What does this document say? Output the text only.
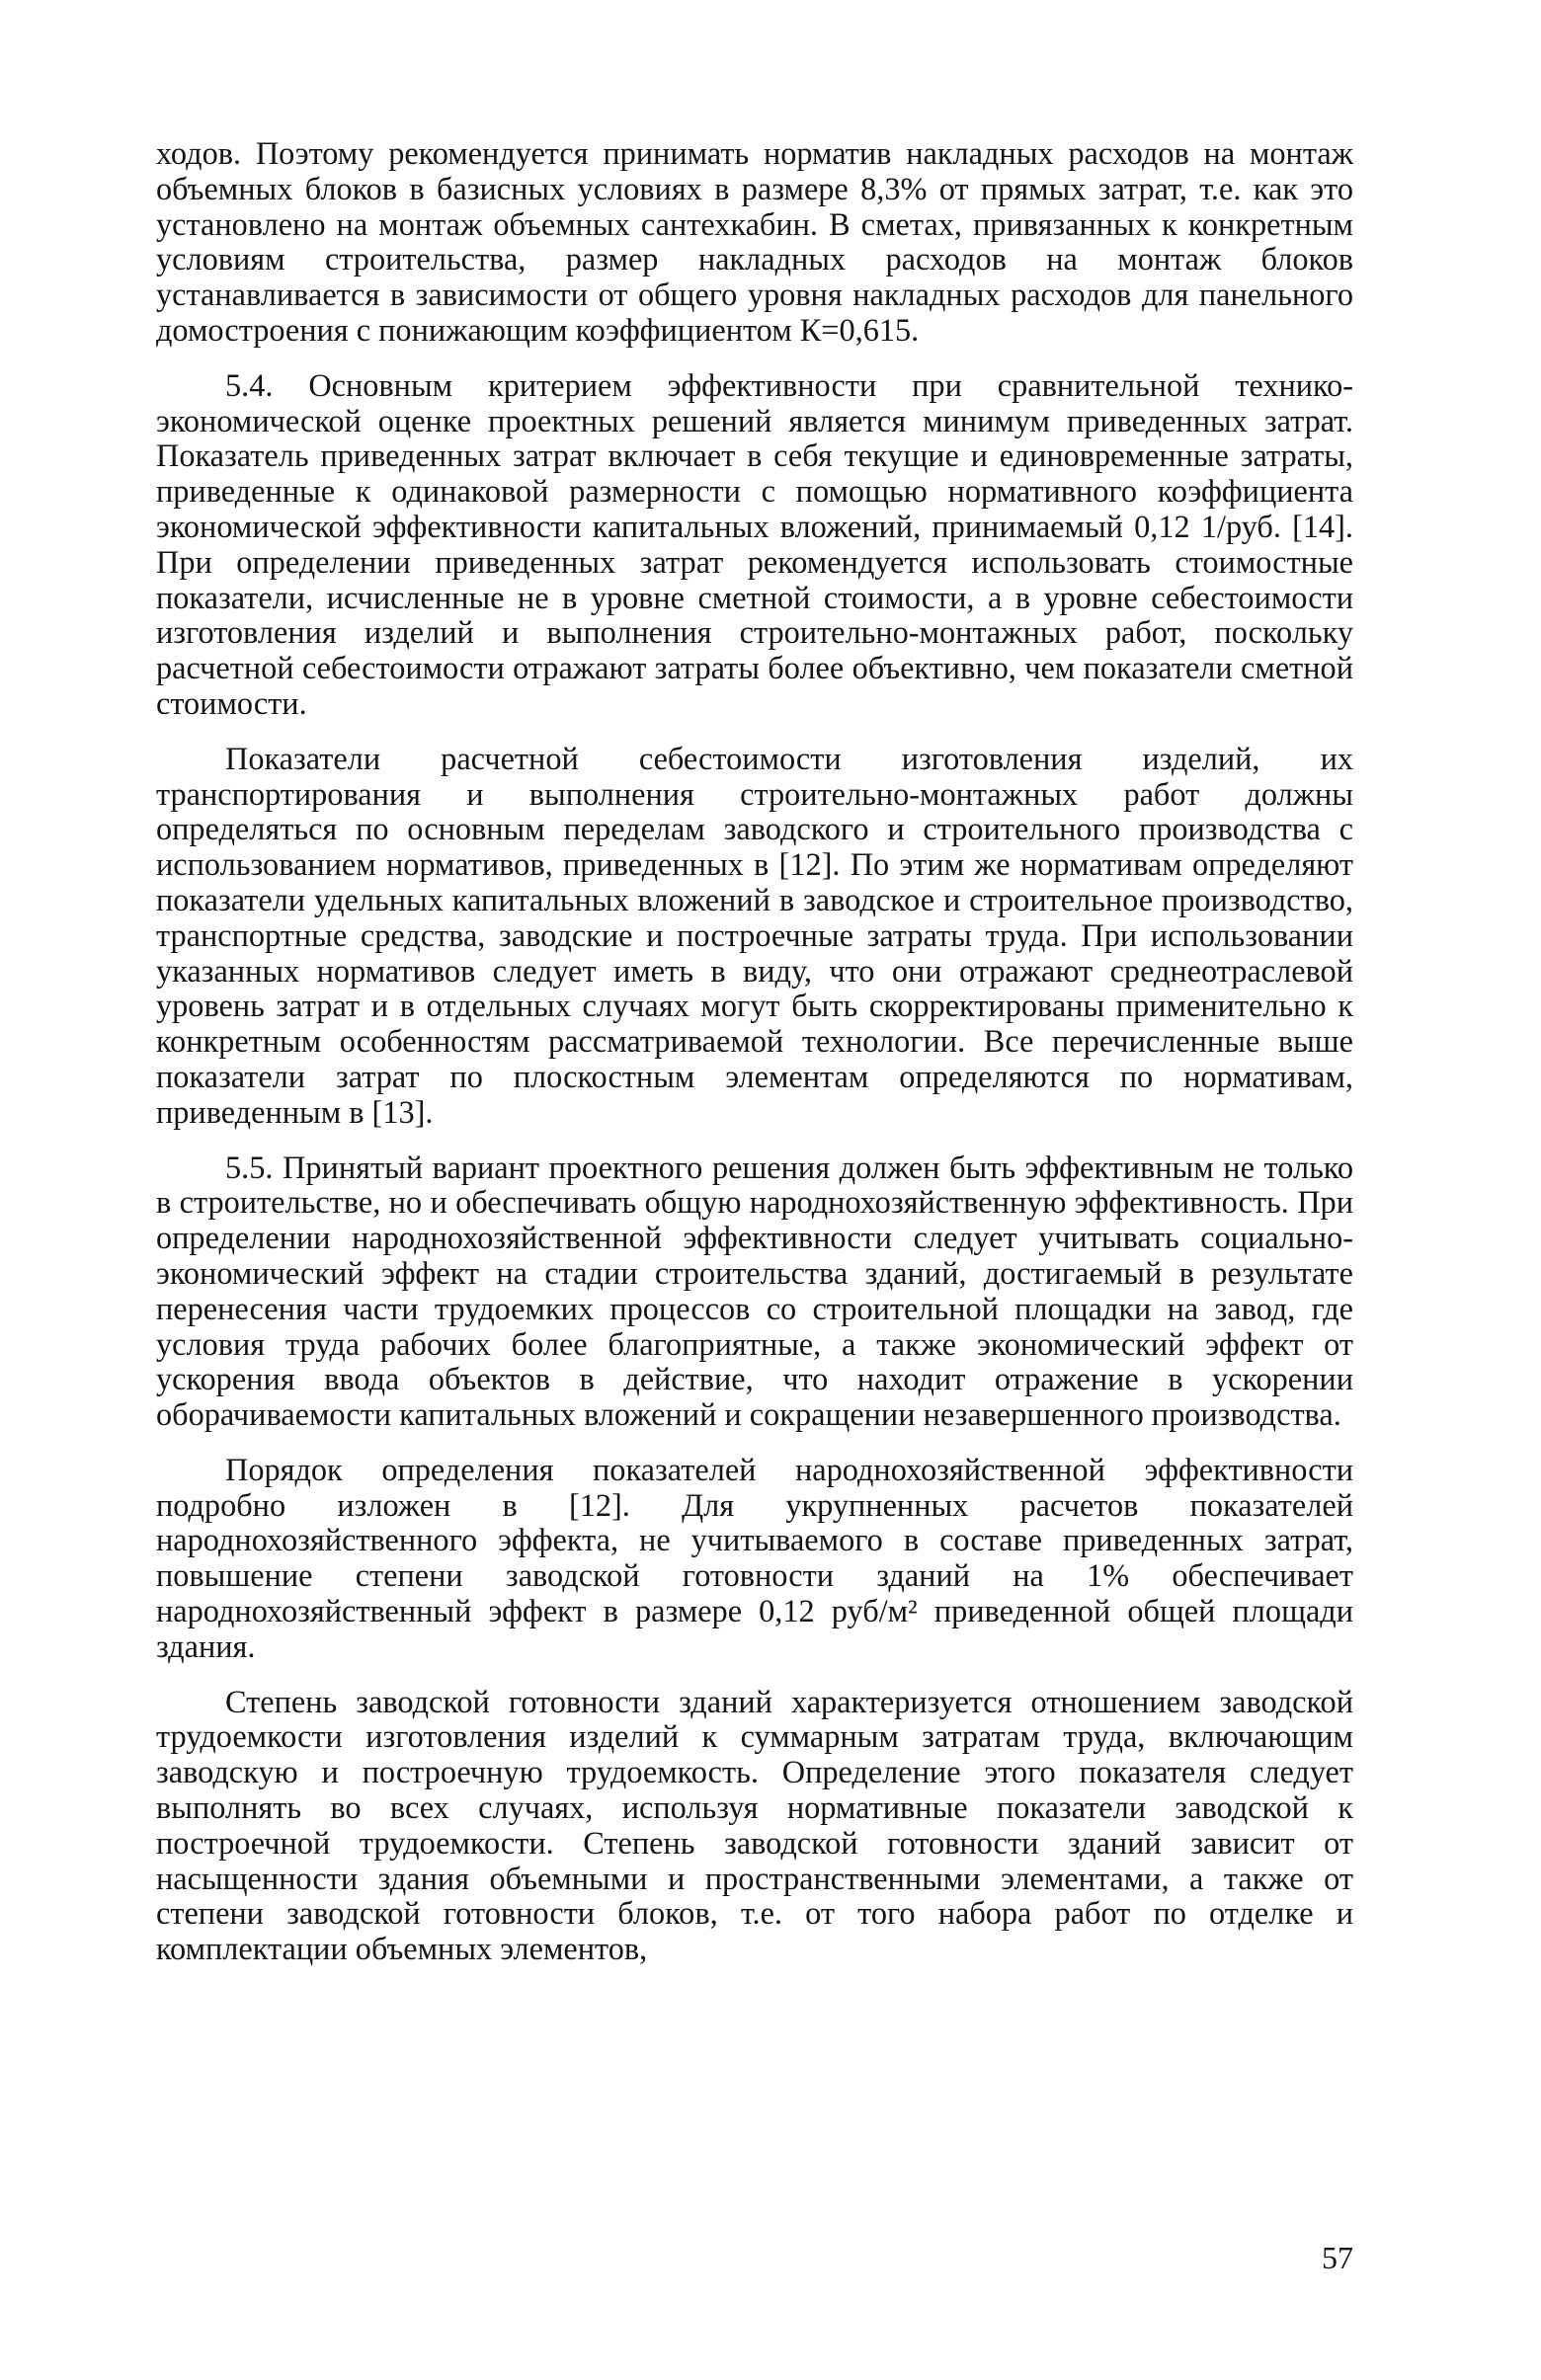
ходов. Поэтому рекомендуется принимать норматив накладных расходов на монтаж объемных блоков в базисных условиях в размере 8,3% от прямых затрат, т.е. как это установлено на монтаж объемных сантехкабин. В сметах, привязанных к конкретным условиям строительства, размер накладных расходов на монтаж блоков устанавливается в зависимости от общего уровня накладных расходов для панельного домостроения с понижающим коэффициентом К=0,615.

5.4. Основным критерием эффективности при сравнительной технико-экономической оценке проектных решений является минимум приведенных затрат. Показатель приведенных затрат включает в себя текущие и единовременные затраты, приведенные к одинаковой размерности с помощью нормативного коэффициента экономической эффективности капитальных вложений, принимаемый 0,12 1/руб. [14]. При определении приведенных затрат рекомендуется использовать стоимостные показатели, исчисленные не в уровне сметной стоимости, а в уровне себестоимости изготовления изделий и выполнения строительно-монтажных работ, поскольку расчетной себестоимости отражают затраты более объективно, чем показатели сметной стоимости.

Показатели расчетной себестоимости изготовления изделий, их транспортирования и выполнения строительно-монтажных работ должны определяться по основным переделам заводского и строительного производства с использованием нормативов, приведенных в [12]. По этим же нормативам определяют показатели удельных капитальных вложений в заводское и строительное производство, транспортные средства, заводские и построечные затраты труда. При использовании указанных нормативов следует иметь в виду, что они отражают среднеотраслевой уровень затрат и в отдельных случаях могут быть скорректированы применительно к конкретным особенностям рассматриваемой технологии. Все перечисленные выше показатели затрат по плоскостным элементам определяются по нормативам, приведенным в [13].

5.5. Принятый вариант проектного решения должен быть эффективным не только в строительстве, но и обеспечивать общую народнохозяйственную эффективность. При определении народнохозяйственной эффективности следует учитывать социально-экономический эффект на стадии строительства зданий, достигаемый в результате перенесения части трудоемких процессов со строительной площадки на завод, где условия труда рабочих более благоприятные, а также экономический эффект от ускорения ввода объектов в действие, что находит отражение в ускорении оборачиваемости капитальных вложений и сокращении незавершенного производства.

Порядок определения показателей народнохозяйственной эффективности подробно изложен в [12]. Для укрупненных расчетов показателей народнохозяйственного эффекта, не учитываемого в составе приведенных затрат, повышение степени заводской готовности зданий на 1% обеспечивает народнохозяйственный эффект в размере 0,12 руб/м² приведенной общей площади здания.

Степень заводской готовности зданий характеризуется отношением заводской трудоемкости изготовления изделий к суммарным затратам труда, включающим заводскую и построечную трудоемкость. Определение этого показателя следует выполнять во всех случаях, используя нормативные показатели заводской к построечной трудоемкости. Степень заводской готовности зданий зависит от насыщенности здания объемными и пространственными элементами, а также от степени заводской готовности блоков, т.е. от того набора работ по отделке и комплектации объемных элементов,

57
